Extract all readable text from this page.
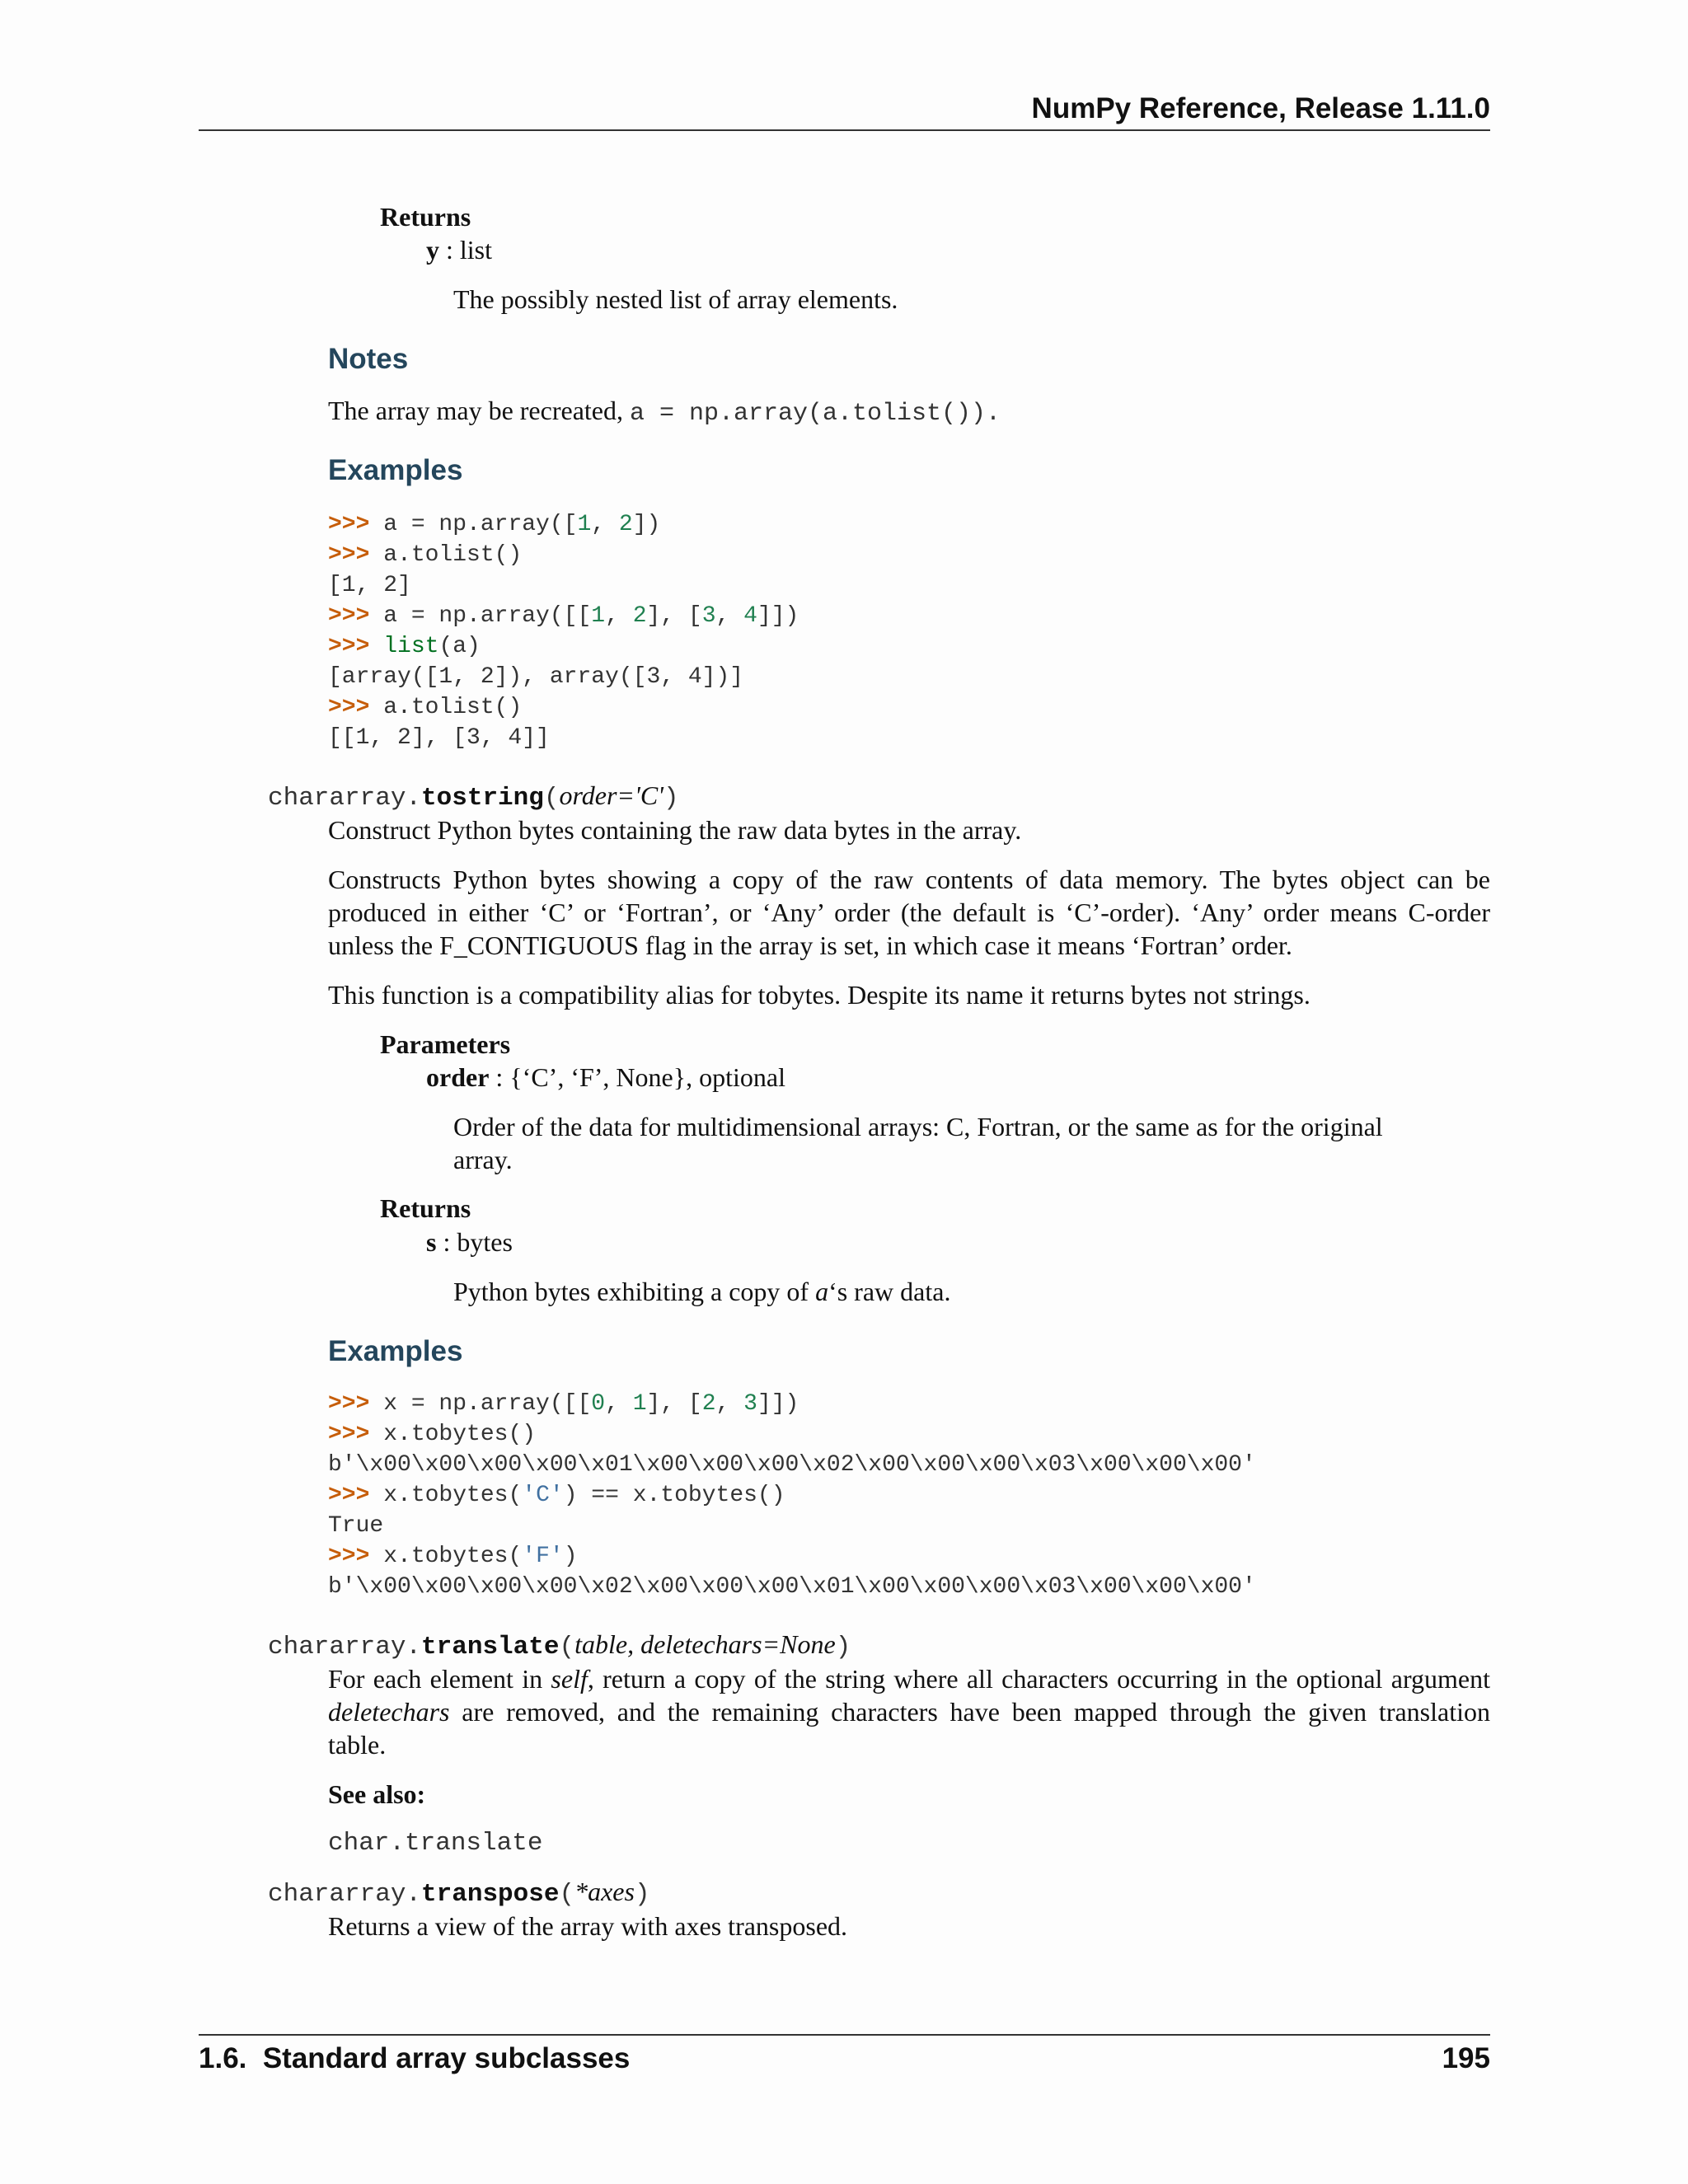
NumPy Reference, Release 1.11.0
Returns
y : list
The possibly nested list of array elements.
Notes
The array may be recreated, a = np.array(a.tolist()).
Examples
>>> a = np.array([1, 2])
>>> a.tolist()
[1, 2]
>>> a = np.array([[1, 2], [3, 4]])
>>> list(a)
[array([1, 2]), array([3, 4])]
>>> a.tolist()
[[1, 2], [3, 4]]
chararray.tostring(order='C')
Construct Python bytes containing the raw data bytes in the array.
Constructs Python bytes showing a copy of the raw contents of data memory. The bytes object can be
produced in either ‘C’ or ‘Fortran’, or ‘Any’ order (the default is ‘C’-order). ‘Any’ order means C-order
unless the F_CONTIGUOUS flag in the array is set, in which case it means ‘Fortran’ order.
This function is a compatibility alias for tobytes. Despite its name it returns bytes not strings.
Parameters
order : {‘C’, ‘F’, None}, optional
Order of the data for multidimensional arrays: C, Fortran, or the same as for the original
array.
Returns
s : bytes
Python bytes exhibiting a copy of a‘s raw data.
Examples
>>> x = np.array([[0, 1], [2, 3]])
>>> x.tobytes()
b'\x00\x00\x00\x00\x01\x00\x00\x00\x02\x00\x00\x00\x03\x00\x00\x00'
>>> x.tobytes('C') == x.tobytes()
True
>>> x.tobytes('F')
b'\x00\x00\x00\x00\x02\x00\x00\x00\x01\x00\x00\x00\x03\x00\x00\x00'
chararray.translate(table, deletechars=None)
For each element in self, return a copy of the string where all characters occurring in the optional argument
deletechars are removed, and the remaining characters have been mapped through the given translation
table.
See also:
char.translate
chararray.transpose(*axes)
Returns a view of the array with axes transposed.
1.6.  Standard array subclasses	195
